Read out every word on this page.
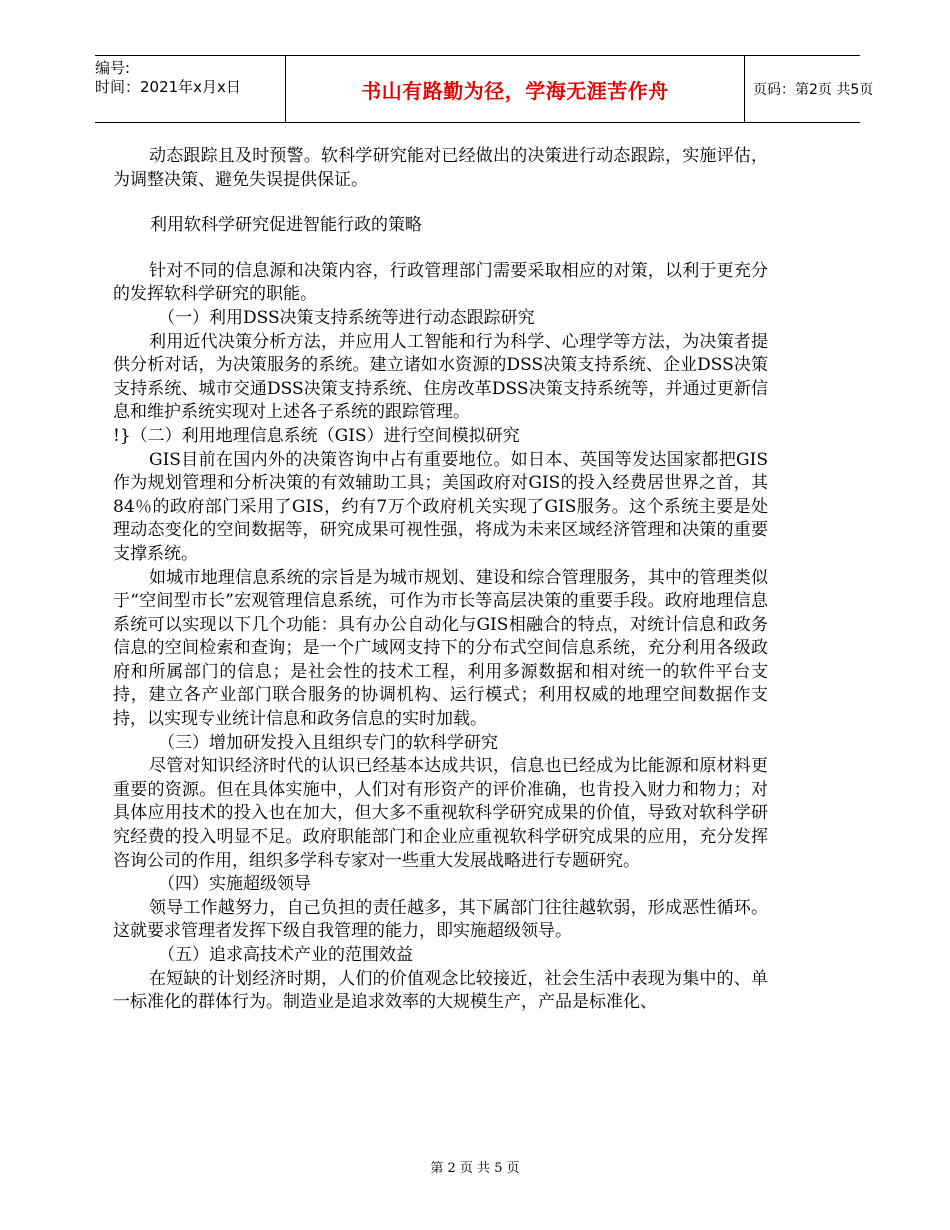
编号:
时间：2021年x月x日	书山有路勤为径，学海无涯苦作舟	页码：第2页 共5页

动态跟踪且及时预警。软科学研究能对已经做出的决策进行动态跟踪，实施评估，为调整决策、避免失误提供保证。

利用软科学研究促进智能行政的策略

针对不同的信息源和决策内容，行政管理部门需要采取相应的对策，以利于更充分的发挥软科学研究的职能。

（一）利用DSS决策支持系统等进行动态跟踪研究

利用近代决策分析方法，并应用人工智能和行为科学、心理学等方法，为决策者提供分析对话，为决策服务的系统。建立诸如水资源的DSS决策支持系统、企业DSS决策支持系统、城市交通DSS决策支持系统、住房改革DSS决策支持系统等，并通过更新信息和维护系统实现对上述各子系统的跟踪管理。

!}（二）利用地理信息系统（GIS）进行空间模拟研究

GIS目前在国内外的决策咨询中占有重要地位。如日本、英国等发达国家都把GIS作为规划管理和分析决策的有效辅助工具；美国政府对GIS的投入经费居世界之首，其84％的政府部门采用了GIS，约有7万个政府机关实现了GIS服务。这个系统主要是处理动态变化的空间数据等，研究成果可视性强，将成为未来区域经济管理和决策的重要支撑系统。

如城市地理信息系统的宗旨是为城市规划、建设和综合管理服务，其中的管理类似于“空间型市长”宏观管理信息系统，可作为市长等高层决策的重要手段。政府地理信息系统可以实现以下几个功能：具有办公自动化与GIS相融合的特点，对统计信息和政务信息的空间检索和查询；是一个广域网支持下的分布式空间信息系统，充分利用各级政府和所属部门的信息；是社会性的技术工程，利用多源数据和相对统一的软件平台支持，建立各产业部门联合服务的协调机构、运行模式；利用权威的地理空间数据作支持，以实现专业统计信息和政务信息的实时加载。

（三）增加研发投入且组织专门的软科学研究

尽管对知识经济时代的认识已经基本达成共识，信息也已经成为比能源和原材料更重要的资源。但在具体实施中，人们对有形资产的评价准确，也肯投入财力和物力；对具体应用技术的投入也在加大，但大多不重视软科学研究成果的价值，导致对软科学研究经费的投入明显不足。政府职能部门和企业应重视软科学研究成果的应用，充分发挥咨询公司的作用，组织多学科专家对一些重大发展战略进行专题研究。

（四）实施超级领导

领导工作越努力，自己负担的责任越多，其下属部门往往越软弱，形成恶性循环。这就要求管理者发挥下级自我管理的能力，即实施超级领导。

（五）追求高技术产业的范围效益

在短缺的计划经济时期，人们的价值观念比较接近，社会生活中表现为集中的、单一标准化的群体行为。制造业是追求效率的大规模生产，产品是标准化、

第 2 页 共 5 页
